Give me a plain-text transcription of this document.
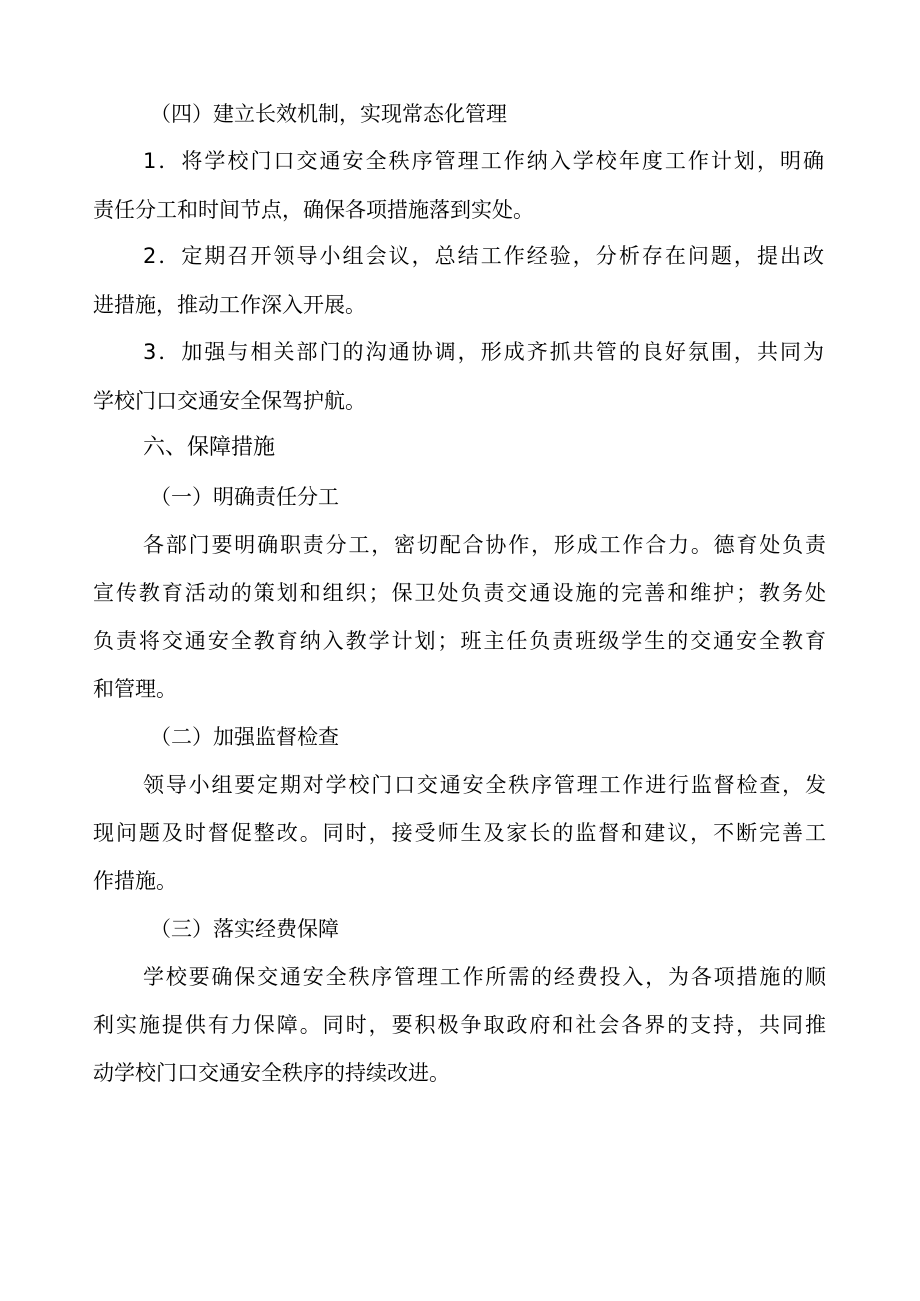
（四）建立长效机制，实现常态化管理
1．将学校门口交通安全秩序管理工作纳入学校年度工作计划，明确
责任分工和时间节点，确保各项措施落到实处。
2．定期召开领导小组会议，总结工作经验，分析存在问题，提出改
进措施，推动工作深入开展。
3．加强与相关部门的沟通协调，形成齐抓共管的良好氛围，共同为
学校门口交通安全保驾护航。
六、保障措施
（一）明确责任分工
各部门要明确职责分工，密切配合协作，形成工作合力。德育处负责
宣传教育活动的策划和组织；保卫处负责交通设施的完善和维护；教务处
负责将交通安全教育纳入教学计划；班主任负责班级学生的交通安全教育
和管理。
（二）加强监督检查
领导小组要定期对学校门口交通安全秩序管理工作进行监督检查，发
现问题及时督促整改。同时，接受师生及家长的监督和建议，不断完善工
作措施。
（三）落实经费保障
学校要确保交通安全秩序管理工作所需的经费投入，为各项措施的顺
利实施提供有力保障。同时，要积极争取政府和社会各界的支持，共同推
动学校门口交通安全秩序的持续改进。
